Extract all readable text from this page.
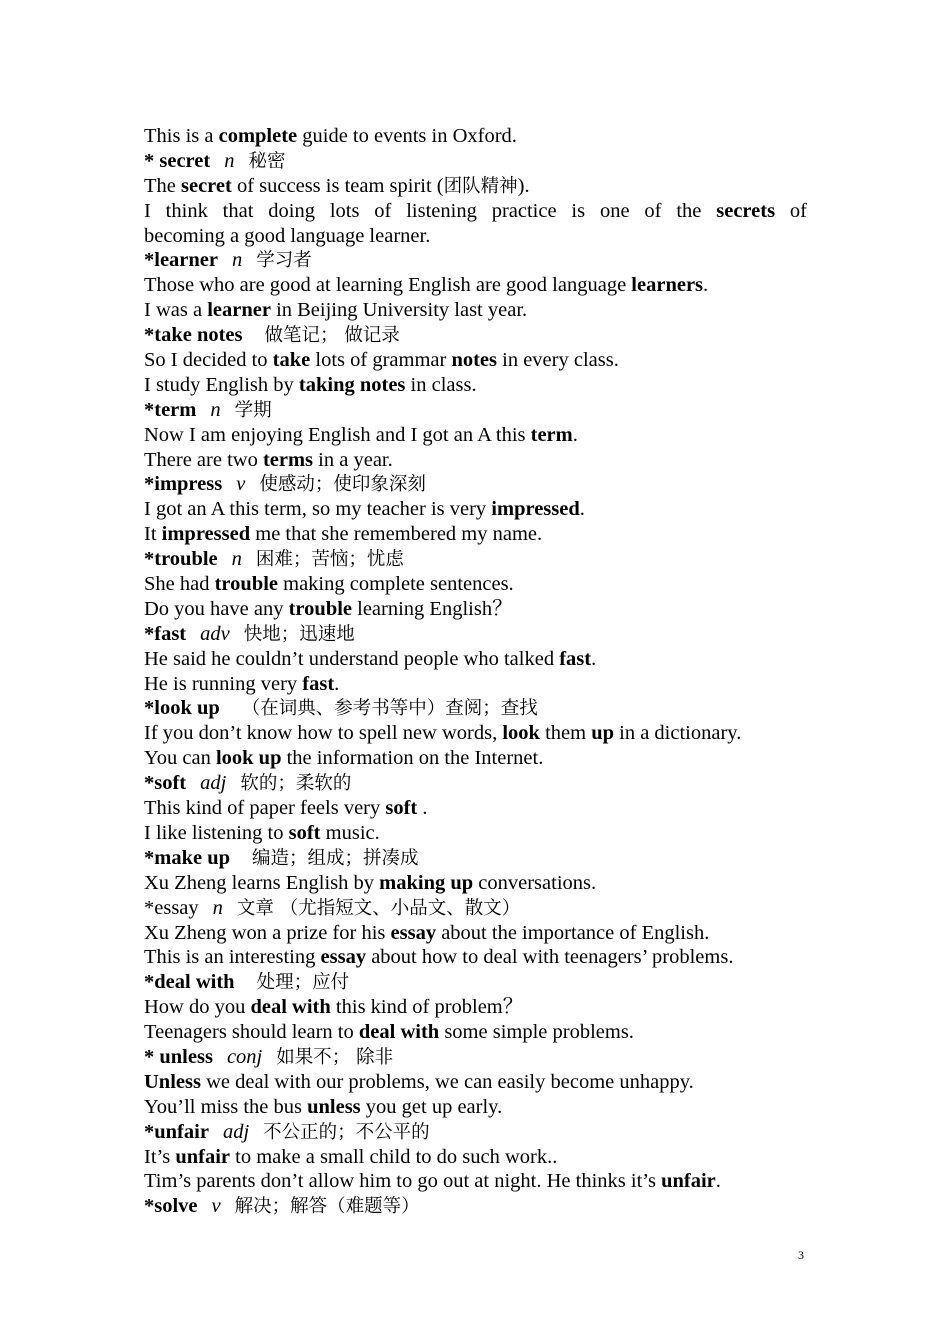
This is a complete guide to events in Oxford.
* secret n 秘密
The secret of success is team spirit (团队精神).
I think that doing lots of listening practice is one of the secrets of
becoming a good language learner.
*learner n 学习者
Those who are good at learning English are good language learners.
I was a learner in Beijing University last year.
*take notes 做笔记； 做记录
So I decided to take lots of grammar notes in every class.
I study English by taking notes in class.
*term n 学期
Now I am enjoying English and I got an A this term.
There are two terms in a year.
*impress v 使感动；使印象深刻
I got an A this term, so my teacher is very impressed.
It impressed me that she remembered my name.
*trouble n 困难；苦恼；忧虑
She had trouble making complete sentences.
Do you have any trouble learning English？
*fast adv 快地；迅速地
He said he couldn’t understand people who talked fast.
He is running very fast.
*look up （在词典、参考书等中）查阅；查找
If you don’t know how to spell new words, look them up in a dictionary.
You can look up the information on the Internet.
*soft adj 软的；柔软的
This kind of paper feels very soft .
I like listening to soft music.
*make up 编造；组成；拼凑成
Xu Zheng learns English by making up conversations.
*essay n 文章 （尤指短文、小品文、散文）
Xu Zheng won a prize for his essay about the importance of English.
This is an interesting essay about how to deal with teenagers’ problems.
*deal with 处理；应付
How do you deal with this kind of problem？
Teenagers should learn to deal with some simple problems.
* unless conj 如果不； 除非
Unless we deal with our problems, we can easily become unhappy.
You’ll miss the bus unless you get up early.
*unfair adj 不公正的；不公平的
It’s unfair to make a small child to do such work..
Tim’s parents don’t allow him to go out at night. He thinks it’s unfair.
*solve v 解决；解答（难题等）
3
